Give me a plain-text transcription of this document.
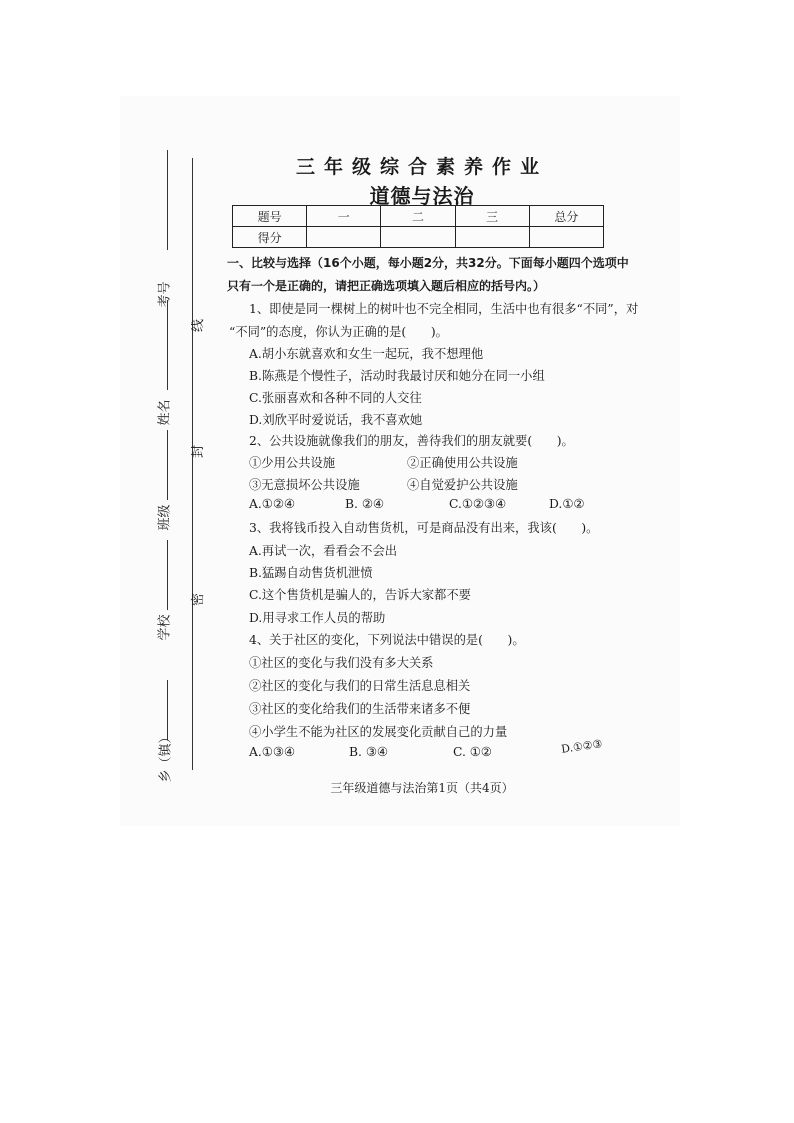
考号
姓名
班级
学校
乡（镇）
线
封
密
三年级综合素养作业
道德与法治
题号	一	二	三	总分
得分				
一、比较与选择（16个小题，每小题2分，共32分。下面每小题四个选项中
只有一个是正确的，请把正确选项填入题后相应的括号内。）
1、即使是同一棵树上的树叶也不完全相同，生活中也有很多“不同”，对
“不同”的态度，你认为正确的是(　　)。
A.胡小东就喜欢和女生一起玩，我不想理他
B.陈燕是个慢性子，活动时我最讨厌和她分在同一小组
C.张丽喜欢和各种不同的人交往
D.刘欣平时爱说话，我不喜欢她
2、公共设施就像我们的朋友，善待我们的朋友就要(　　)。
①少用公共设施	②正确使用公共设施
③无意损坏公共设施	④自觉爱护公共设施
A.①②④	B. ②④	C.①②③④	D.①②
3、我将钱币投入自动售货机，可是商品没有出来，我该(　　)。
A.再试一次，看看会不会出
B.猛踢自动售货机泄愤
C.这个售货机是骗人的，告诉大家都不要
D.用寻求工作人员的帮助
4、关于社区的变化，下列说法中错误的是(　　)。
①社区的变化与我们没有多大关系
②社区的变化与我们的日常生活息息相关
③社区的变化给我们的生活带来诸多不便
④小学生不能为社区的发展变化贡献自己的力量
A.①③④	B. ③④	C. ①②	D.①②③
三年级道德与法治第1页（共4页）
